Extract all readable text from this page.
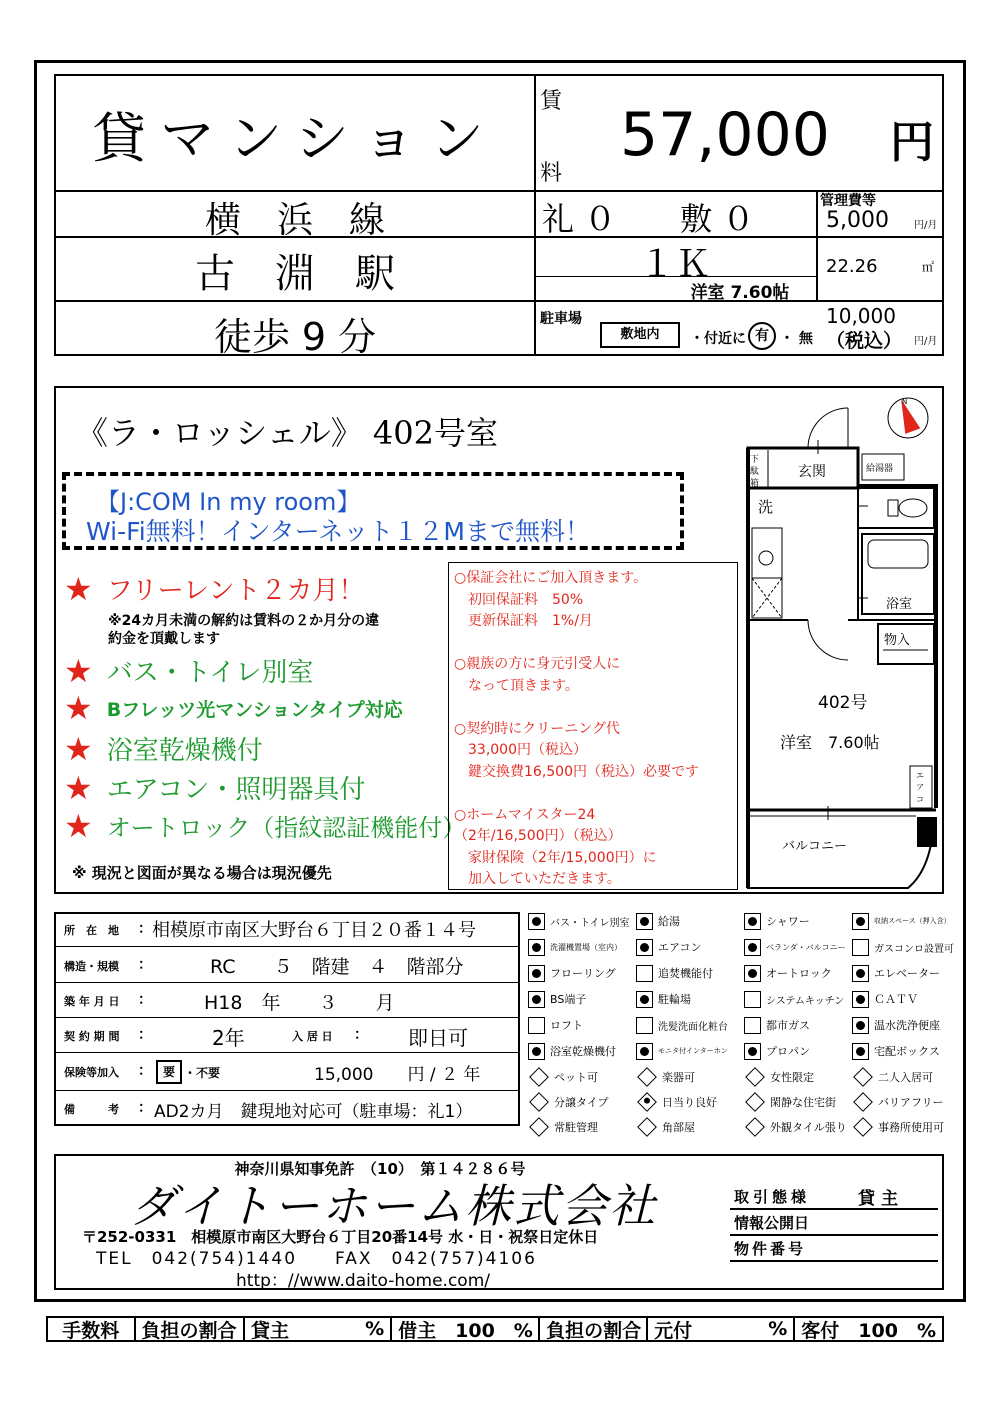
貸マンション
賃
料
57,000 円
横　浜　線	礼 ０　　敷 ０	管理費等
5,000	円/月
古　淵　駅	１Ｋ	22.26	㎡
洋室 7.60帖
徒歩 9 分	駐車場
敷地内	・付近に 有 ・ 無
10,000
（税込） 円/月
《ラ・ロッシェル》 402号室
【J:COM In my room】
Wi-Fi無料！インターネット１２Mまで無料！
★ フリーレント２カ月！
※24カ月未満の解約は賃料の２か月分の違
約金を頂戴します
★ バス・トイレ別室
★ Bフレッツ光マンションタイプ対応
★ 浴室乾燥機付
★ エアコン・照明器具付
★ オートロック（指紋認証機能付）
※ 現況と図面が異なる場合は現況優先
○保証会社にご加入頂きます。
　初回保証料　50%
　更新保証料　1%/月
○親族の方に身元引受人に
　なって頂きます。
○契約時にクリーニング代
　33,000円（税込）
　鍵交換費16,500円（税込）必要です
○ホームマイスター24
（2年/16,500円）（税込）
　家財保険（2年/15,000円）に
　加入していただきます。
N
下
駄
箱
玄関	給湯器
洗
浴室
物入
402号
洋室　7.60帖
エ
ア
コ
バルコニー
所　在　地 ： 相模原市南区大野台６丁目２０番１４号
構造・規模 ：	RC　　５　階建　４　階部分
築 年 月 日 ：	H18　年　　３　　月
契 約 期 間 ：	2年	入 居 日 ： 即日可
保険等加入 ： 要 ・不要	15,000　　円 / ２ 年
備　　　考 ： AD2カ月　鍵現地対応可（駐車場：礼1）
バス・トイレ別室	給湯	シャワー	収納スペース（押入含）
洗濯機置場（室内）	エアコン	ベランダ・バルコニー	ガスコンロ設置可
フローリング	追焚機能付	オートロック	エレベーター
BS端子	駐輪場	システムキッチン	ＣＡＴＶ
ロフト	洗髪洗面化粧台	都市ガス	温水洗浄便座
浴室乾燥機付	モニタ付インターホン	プロパン	宅配ボックス
ペット可	楽器可	女性限定	二人入居可
分譲タイプ	日当り良好	閑静な住宅街	バリアフリー
常駐管理	角部屋	外観タイル張り	事務所使用可
神奈川県知事免許　（10）　第１４２８６号
ダイトーホーム株式会社
〒252-0331　相模原市南区大野台６丁目20番14号 水・日・祝祭日定休日
TEL　042(754)1440　　FAX　042(757)4106
http：//www.daito-home.com/
取引態様	貸主
情報公開日
物件番号
手数料	負担の割合 貸主	% 借主　100　% 負担の割合 元付	% 客付　100　%
